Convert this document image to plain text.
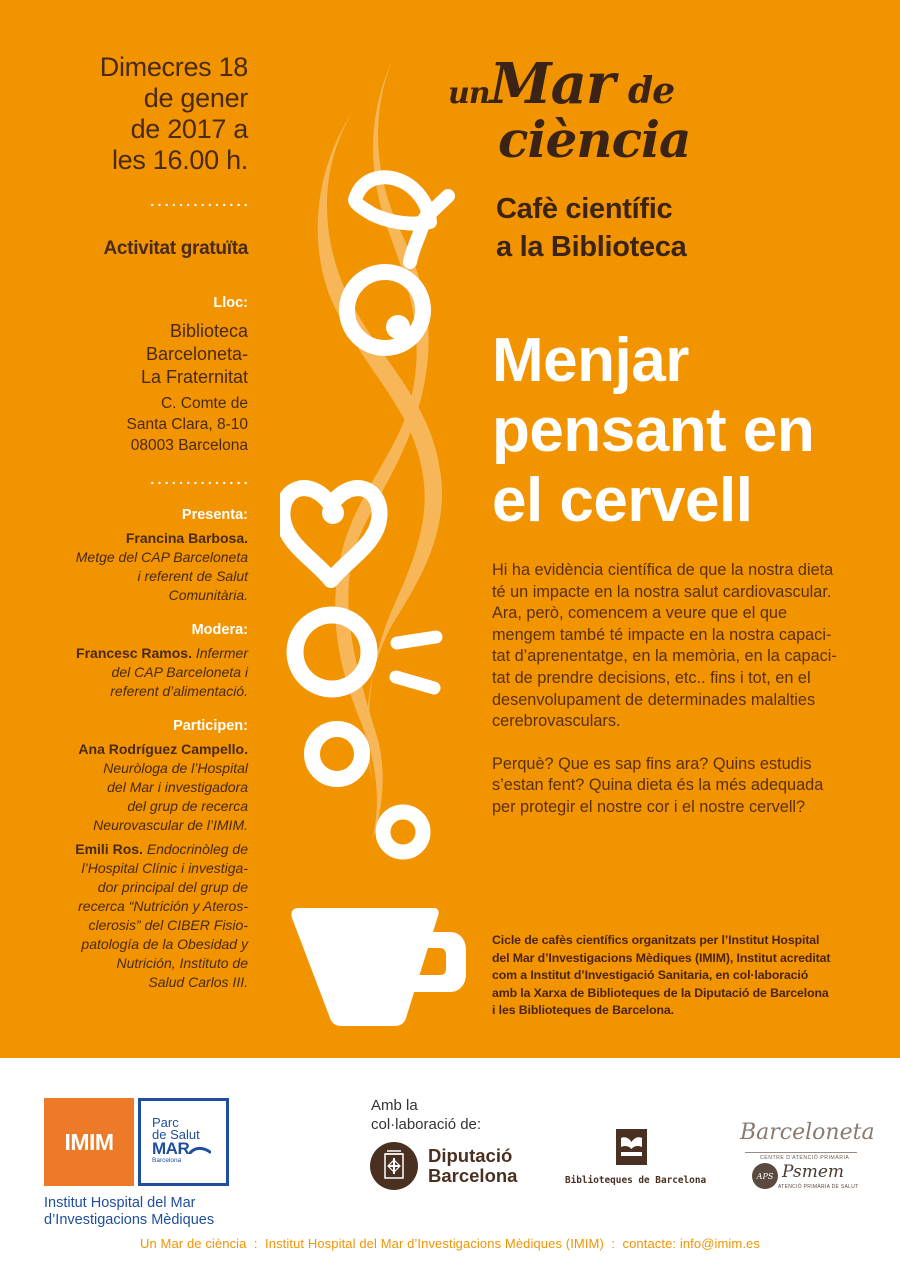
Dimecres 18
de gener
de 2017 a
les 16.00 h.
..............
Activitat gratuïta
Lloc:
Biblioteca
Barceloneta-
La Fraternitat
C. Comte de
Santa Clara, 8-10
08003 Barcelona
..............
Presenta:
Francina Barbosa.
Metge del CAP Barceloneta
i referent de Salut
Comunitària.
Modera:
Francesc Ramos. Infermer
del CAP Barceloneta i
referent d’alimentació.
Participen:
Ana Rodríguez Campello.
Neuròloga de l’Hospital
del Mar i investigadora
del grup de recerca
Neurovascular de l’IMIM.
Emili Ros. Endocrinòleg de
l’Hospital Clínic i investiga-
dor principal del grup de
recerca “Nutrición y Ateros-
clerosis” del CIBER Fisio-
patología de la Obesidad y
Nutrición, Instituto de
Salud Carlos III.
unMar de
ciència
Cafè científic
a la Biblioteca
Menjar
pensant en
el cervell

Hi ha evidència científica de que la nostra dieta
té un impacte en la nostra salut cardiovascular.
Ara, però, comencem a veure que el que
mengem també té impacte en la nostra capaci-
tat d’aprenentatge, en la memòria, en la capaci-
tat de prendre decisions, etc.. fins i tot, en el
desenvolupament de determinades malalties
cerebrovasculars.

Perquè? Que es sap fins ara? Quins estudis
s’estan fent? Quina dieta és la més adequada
per protegir el nostre cor i el nostre cervell?

Cicle de cafès científics organitzats per l’Institut Hospital
del Mar d’Investigacions Mèdiques (IMIM), Institut acreditat
com a Institut d’Investigació Sanitaria, en col·laboració
amb la Xarxa de Biblioteques de la Diputació de Barcelona
i les Biblioteques de Barcelona.
IMIM
Parc
de Salut
MAR
Barcelona
Institut Hospital del Mar
d’Investigacions Mèdiques
Amb la
col·laboració de:
Diputació
Barcelona	Biblioteques de Barcelona
Barceloneta
CENTRE D’ATENCIÓ PRIMÀRIA
APS Psmem
ATENCIÓ PRIMÀRIA DE SALUT
Un Mar de ciència  :  Institut Hospital del Mar d’Investigacions Mèdiques (IMIM)  :  contacte: info@imim.es
